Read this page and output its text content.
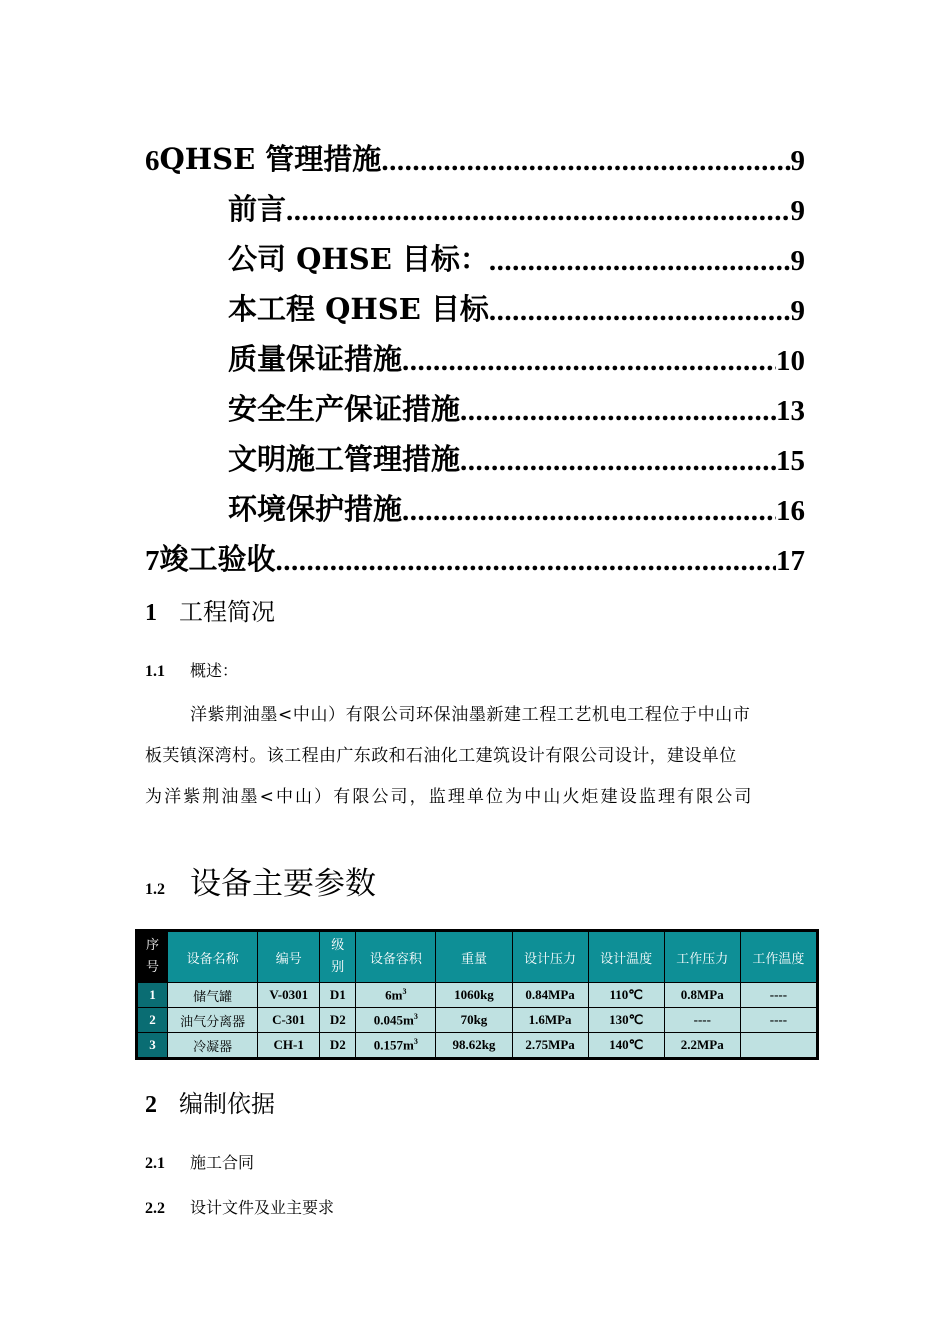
6 QHSE 管理措施 .....	9
前言 .....	9
公司 QHSE 目标： .....	9
本工程 QHSE 目标 .....	9
质量保证措施 .....	10
安全生产保证措施 .....	13
文明施工管理措施 .....	15
环境保护措施 .....	16
7 竣工验收 .....	17
1 工程简况
1.1 概述：
洋紫荆油墨<中山）有限公司环保油墨新建工程工艺机电工程位于中山市
板芙镇深湾村。该工程由广东政和石油化工建筑设计有限公司设计，建设单位
为洋紫荆油墨<中山）有限公司，监理单位为中山火炬建设监理有限公司
1.2 设备主要参数
序号	设备名称	编号	级别	设备容积	重量	设计压力	设计温度	工作压力	工作温度
1	储气罐	V-0301	D1	$6m^3$	1060kg	0.84MPa	110℃	0.8MPa	----
2	油气分离器	C-301	D2	$0.045m^3$	70kg	1.6MPa	130℃	----	----
3	冷凝器	CH-1	D2	$0.157m^3$	98.62kg	2.75MPa	140℃	2.2MPa	
2 编制依据
2.1 施工合同
2.2 设计文件及业主要求
